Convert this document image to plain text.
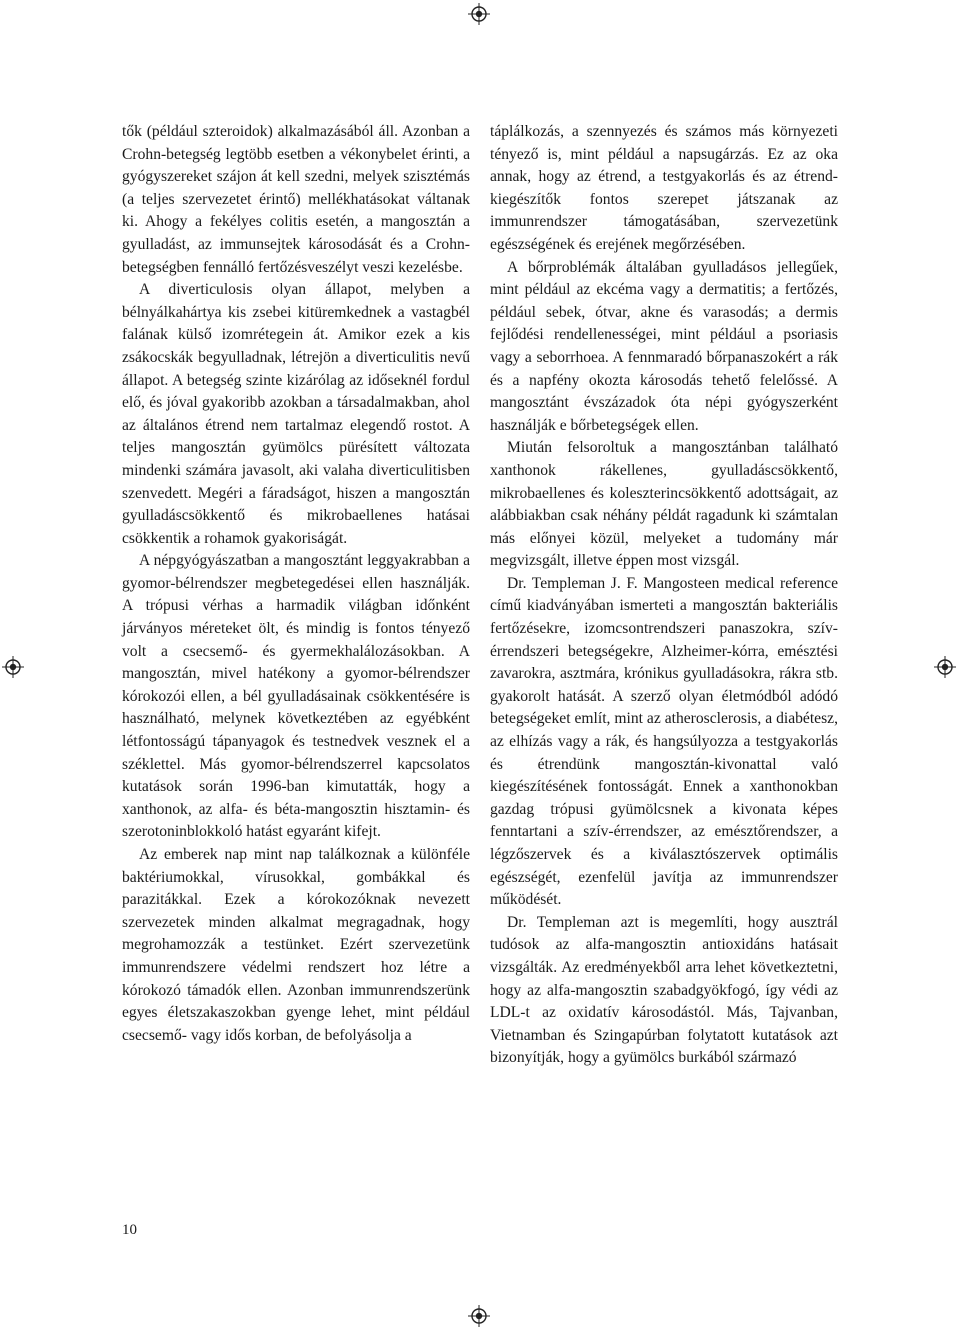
tők (például szteroidok) alkalmazásából áll. Azonban a Crohn-betegség legtöbb esetben a vékonybelet érinti, a gyógyszereket szájon át kell szedni, melyek szisztémás (a teljes szervezetet érintő) mellékhatásokat váltanak ki. Ahogy a fekélyes colitis esetén, a mangosztán a gyulladást, az immunsejtek károsodását és a Crohn-betegségben fennálló fertőzésveszélyt veszi kezelésbe.

A diverticulosis olyan állapot, melyben a bélnyálkahártya kis zsebei kitüremkednek a vastagbél falának külső izomrétegein át. Amikor ezek a kis zsákocskák begyulladnak, létrejön a diverticulitis nevű állapot. A betegség szinte kizárólag az időseknél fordul elő, és jóval gyakoribb azokban a társadalmakban, ahol az általános étrend nem tartalmaz elegendő rostot. A teljes mangosztán gyümölcs pürésített változata mindenki számára javasolt, aki valaha diverticulitisben szenvedett. Megéri a fáradságot, hiszen a mangosztán gyulladáscsökkentő és mikrobaellenes hatásai csökkentik a rohamok gyakoriságát.

A népgyógyászatban a mangosztánt leggyakrabban a gyomor-bélrendszer megbetegedései ellen használják. A trópusi vérhas a harmadik világban időnként járványos méreteket ölt, és mindig is fontos tényező volt a csecsemő- és gyermekhalálozásokban. A mangosztán, mivel hatékony a gyomor-bélrendszer kórokozói ellen, a bél gyulladásainak csökkentésére is használható, melynek következtében az egyébként létfontosságú tápanyagok és testnedvek vesznek el a széklettel. Más gyomor-bélrendszerrel kapcsolatos kutatások során 1996-ban kimutatták, hogy a xanthonok, az alfa- és béta-mangosztin hisztamin- és szerotoninblokkoló hatást egyaránt kifejt.

Az emberek nap mint nap találkoznak a különféle baktériumokkal, vírusokkal, gombákkal és parazitákkal. Ezek a kórokozóknak nevezett szervezetek minden alkalmat megragadnak, hogy megrohamozzák a testünket. Ezért szervezetünk immunrendszere védelmi rendszert hoz létre a kórokozó támadók ellen. Azonban immunrendszerünk egyes életszakaszokban gyenge lehet, mint például csecsemő- vagy idős korban, de befolyásolja a

táplálkozás, a szennyezés és számos más környezeti tényező is, mint például a napsugárzás. Ez az oka annak, hogy az étrend, a testgyakorlás és az étrend-kiegészítők fontos szerepet játszanak az immunrendszer támogatásában, szervezetünk egészségének és erejének megőrzésében.

A bőrproblémák általában gyulladásos jellegűek, mint például az ekcéma vagy a dermatitis; a fertőzés, például sebek, ótvar, akne és varasodás; a dermis fejlődési rendellenességei, mint például a psoriasis vagy a seborrhoea. A fennmaradó bőrpanaszokért a rák és a napfény okozta károsodás tehető felelőssé. A mangosztánt évszázadok óta népi gyógyszerként használják e bőrbetegségek ellen.

Miután felsoroltuk a mangosztánban található xanthonok rákellenes, gyulladáscsökkentő, mikrobaellenes és koleszterincsökkentő adottságait, az alábbiakban csak néhány példát ragadunk ki számtalan más előnyei közül, melyeket a tudomány már megvizsgált, illetve éppen most vizsgál.

Dr. Templeman J. F. Mangosteen medical reference című kiadványában ismerteti a mangosztán bakteriális fertőzésekre, izomcsontrendszeri panaszokra, szív-érrendszeri betegségekre, Alzheimer-kórra, emésztési zavarokra, asztmára, krónikus gyulladásokra, rákra stb. gyakorolt hatását. A szerző olyan életmódból adódó betegségeket említ, mint az atherosclerosis, a diabétesz, az elhízás vagy a rák, és hangsúlyozza a testgyakorlás és étrendünk mangosztán-kivonattal való kiegészítésének fontosságát. Ennek a xanthonokban gazdag trópusi gyümölcsnek a kivonata képes fenntartani a szív-érrendszer, az emésztőrendszer, a légzőszervek és a kiválasztószervek optimális egészségét, ezenfelül javítja az immunrendszer működését.

Dr. Templeman azt is megemlíti, hogy ausztrál tudósok az alfa-mangosztin antioxidáns hatásait vizsgálták. Az eredményekből arra lehet következtetni, hogy az alfa-mangosztin szabadgyökfogó, így védi az LDL-t az oxidatív károsodástól. Más, Tajvanban, Vietnamban és Szingapúrban folytatott kutatások azt bizonyítják, hogy a gyümölcs burkából származó

10
